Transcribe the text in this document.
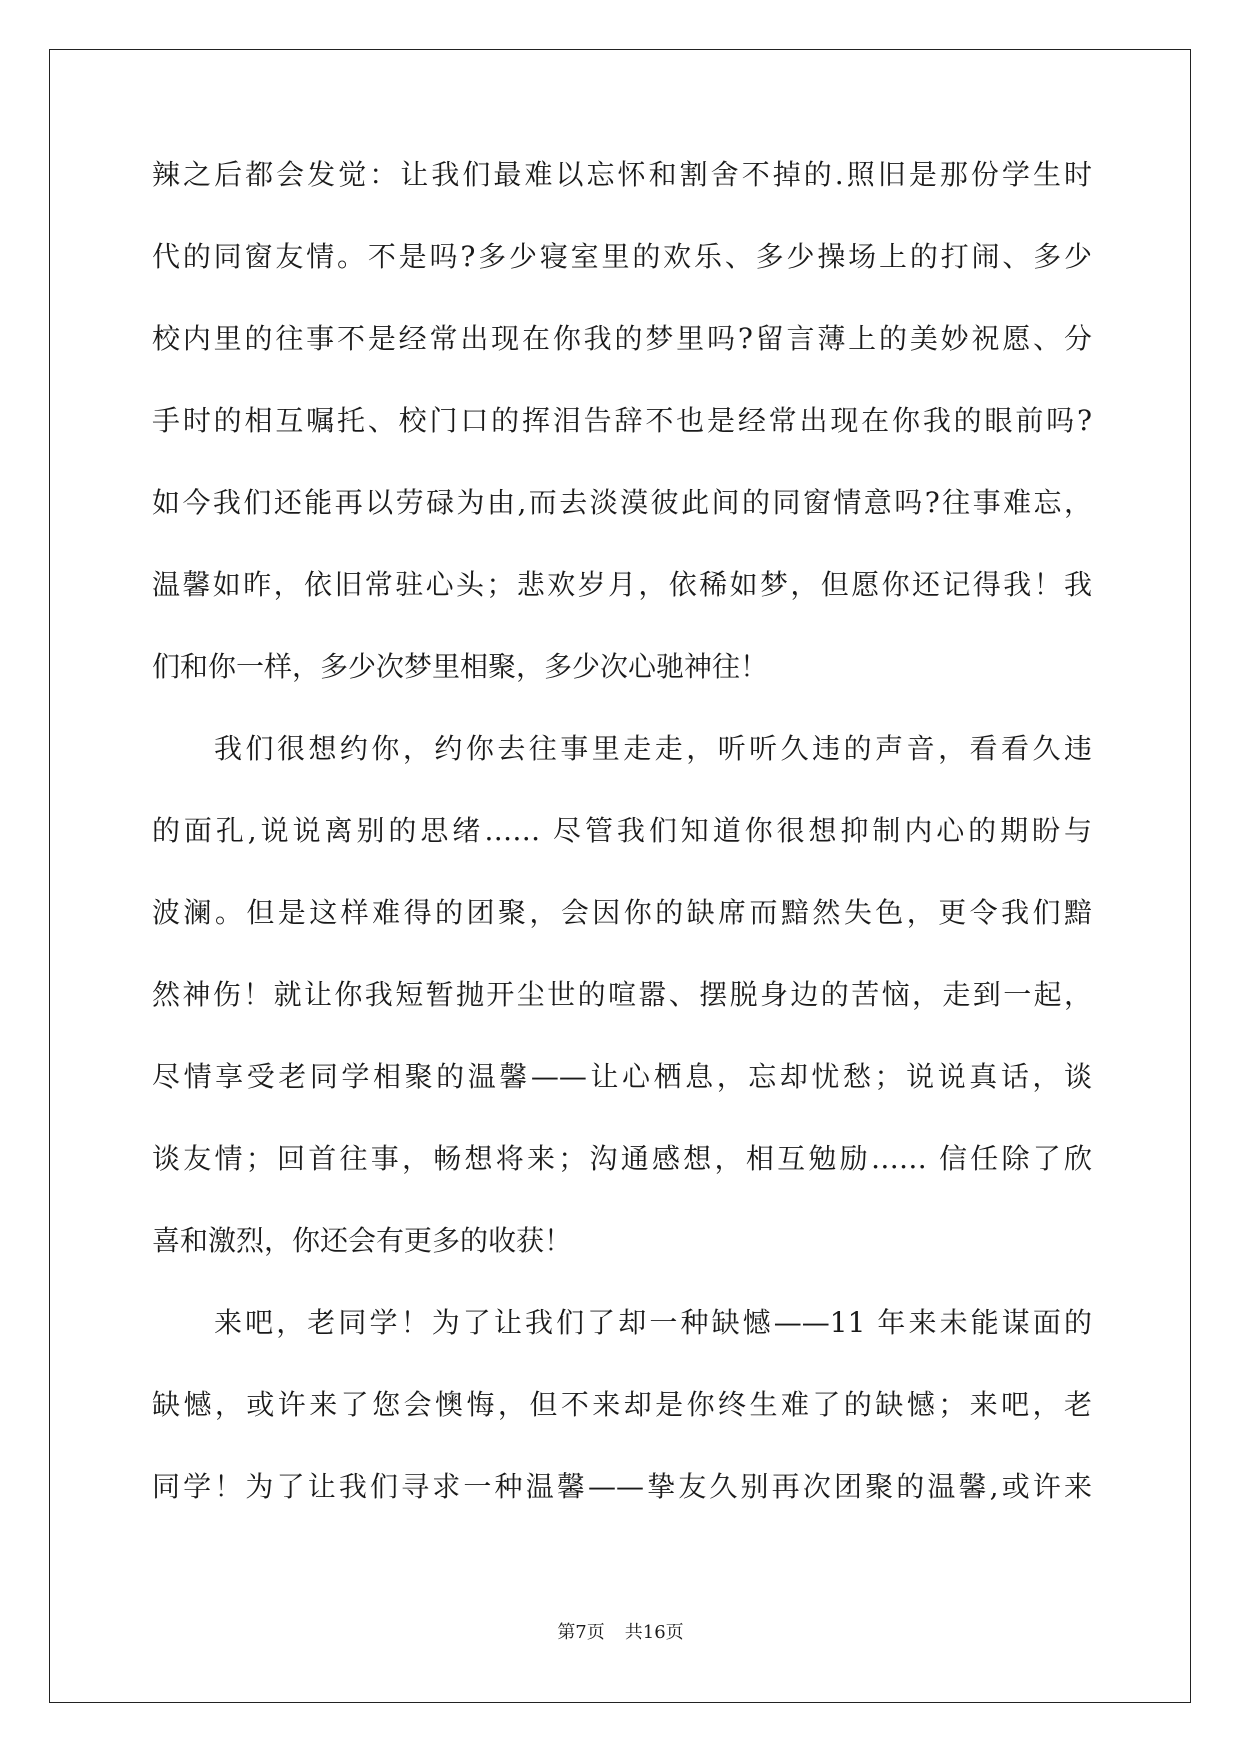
辣之后都会发觉：让我们最难以忘怀和割舍不掉的.照旧是那份学生时
代的同窗友情。不是吗?多少寝室里的欢乐、多少操场上的打闹、多少
校内里的往事不是经常出现在你我的梦里吗?留言薄上的美妙祝愿、分
手时的相互嘱托、校门口的挥泪告辞不也是经常出现在你我的眼前吗?
如今我们还能再以劳碌为由,而去淡漠彼此间的同窗情意吗?往事难忘，
温馨如昨，依旧常驻心头；悲欢岁月，依稀如梦，但愿你还记得我！我
们和你一样，多少次梦里相聚，多少次心驰神往！
我们很想约你，约你去往事里走走，听听久违的声音，看看久违
的面孔,说说离别的思绪…… 尽管我们知道你很想抑制内心的期盼与
波澜。但是这样难得的团聚，会因你的缺席而黯然失色，更令我们黯
然神伤！就让你我短暂抛开尘世的喧嚣、摆脱身边的苦恼，走到一起，
尽情享受老同学相聚的温馨——让心栖息，忘却忧愁；说说真话，谈
谈友情；回首往事，畅想将来；沟通感想，相互勉励…… 信任除了欣
喜和激烈，你还会有更多的收获！
来吧，老同学！为了让我们了却一种缺憾——11 年来未能谋面的
缺憾，或许来了您会懊悔，但不来却是你终生难了的缺憾；来吧，老
同学！为了让我们寻求一种温馨——挚友久别再次团聚的温馨,或许来
第7页 共16页
